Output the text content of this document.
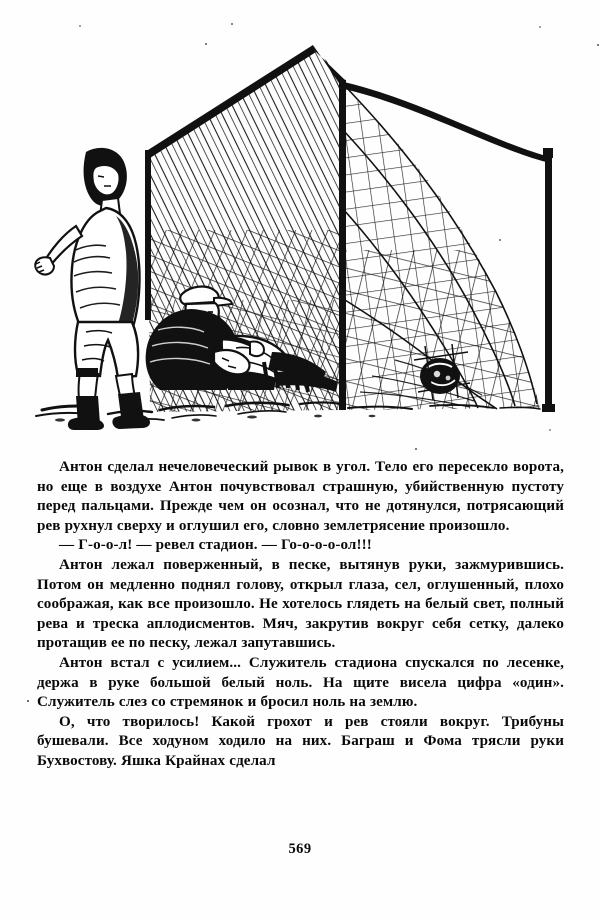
Антон сделал нечеловеческий рывок в угол. Тело его пересекло ворота, но еще в воздухе Антон почувствовал страшную, убийственную пустоту перед пальцами. Прежде чем он осознал, что не дотянулся, потрясающий рев рухнул сверху и оглушил его, словно землетрясение произошло.

— Г-о-о-л! — ревел стадион. — Го-о-о-о-ол!!!

Антон лежал поверженный, в песке, вытянув руки, зажмурившись. Потом он медленно поднял голову, открыл глаза, сел, оглушенный, плохо соображая, как все произошло. Не хотелось глядеть на белый свет, полный рева и треска аплодисментов. Мяч, закрутив вокруг себя сетку, далеко протащив ее по песку, лежал запутавшись.

Антон встал с усилием... Служитель стадиона спускался по лесенке, держа в руке большой белый ноль. На щите висела цифра «один». Служитель слез со стремянок и бросил ноль на землю.

О, что творилось! Какой грохот и рев стояли вокруг. Трибуны бушевали. Все ходуном ходило на них. Баграш и Фома трясли руки Бухвостову. Яшка Крайнах сделал

569
